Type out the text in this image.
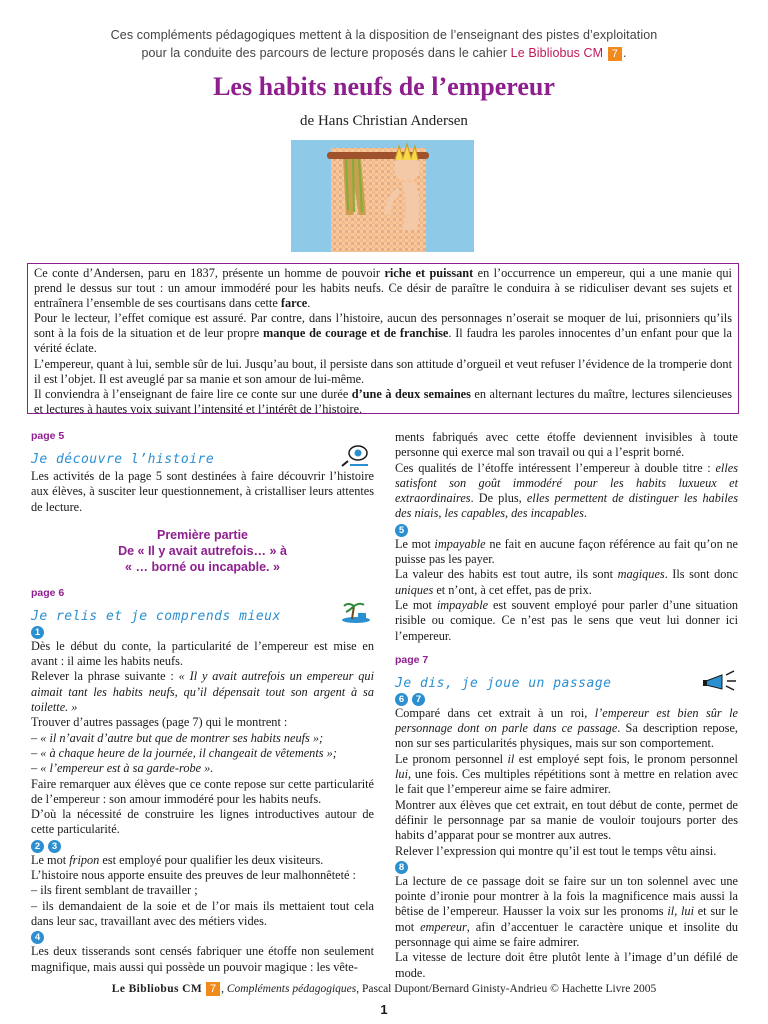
Ces compléments pédagogiques mettent à la disposition de l’enseignant des pistes d’exploitation
pour la conduite des parcours de lecture proposés dans le cahier Le Bibliobus CM 7 .
Les habits neufs de l’empereur
de Hans Christian Andersen

Ce conte d’Andersen, paru en 1837, présente un homme de pouvoir riche et puissant en l’occurrence un empereur, qui a une manie qui prend le dessus sur tout : un amour immodéré pour les habits neufs. Ce désir de paraître le conduira à se ridiculiser devant ses sujets et entraînera l’ensemble de ses courtisans dans cette farce.

Pour le lecteur, l’effet comique est assuré. Par contre, dans l’histoire, aucun des personnages n’oserait se moquer de lui, prisonniers qu’ils sont à la fois de la situation et de leur propre manque de courage et de franchise. Il faudra les paroles innocentes d’un enfant pour que la vérité éclate.

L’empereur, quant à lui, semble sûr de lui. Jusqu’au bout, il persiste dans son attitude d’orgueil et veut refuser l’évidence de la tromperie dont il est l’objet. Il est aveuglé par sa manie et son amour de lui-même.

Il conviendra à l’enseignant de faire lire ce conte sur une durée d’une à deux semaines en alternant lectures du maître, lectures silencieuses et lectures à hautes voix suivant l’intensité et l’intérêt de l’histoire.

page 5
Je découvre l’histoire

Les activités de la page 5 sont destinées à faire découvrir l’histoire aux élèves, à susciter leur questionnement, à cristalliser leurs attentes de lecture.

Première partie
De « Il y avait autrefois… » à
« … borné ou incapable. »
page 6
Je relis et je comprends mieux
1

Dès le début du conte, la particularité de l’empereur est mise en avant : il aime les habits neufs.

Relever la phrase suivante : « Il y avait autrefois un empereur qui aimait tant les habits neufs, qu’il dépensait tout son argent à sa toilette. »

Trouver d’autres passages (page 7) qui le montrent :

– « il n’avait d’autre but que de montrer ses habits neufs »;

– « à chaque heure de la journée, il changeait de vêtements »;

– « l’empereur est à sa garde-robe ».

Faire remarquer aux élèves que ce conte repose sur cette particularité de l’empereur : son amour immodéré pour les habits neufs.

D’où la nécessité de construire les lignes introductives autour de cette particularité.

2	3

Le mot fripon est employé pour qualifier les deux visiteurs.

L’histoire nous apporte ensuite des preuves de leur malhonnêteté :

– ils firent semblant de travailler ;

– ils demandaient de la soie et de l’or mais ils mettaient tout cela dans leur sac, travaillant avec des métiers vides.

4

Les deux tisserands sont censés fabriquer une étoffe non seulement magnifique, mais aussi qui possède un pouvoir magique : les vête-

ments fabriqués avec cette étoffe deviennent invisibles à toute personne qui exerce mal son travail ou qui a l’esprit borné.

Ces qualités de l’étoffe intéressent l’empereur à double titre : elles satisfont son goût immodéré pour les habits luxueux et extraordinaires. De plus, elles permettent de distinguer les habiles des niais, les capables, des incapables.

5

Le mot impayable ne fait en aucune façon référence au fait qu’on ne puisse pas les payer.

La valeur des habits est tout autre, ils sont magiques. Ils sont donc uniques et n’ont, à cet effet, pas de prix.

Le mot impayable est souvent employé pour parler d’une situation risible ou comique. Ce n’est pas le sens que veut lui donner ici l’empereur.

page 7
Je dis, je joue un passage
6	7

Comparé dans cet extrait à un roi, l’empereur est bien sûr le personnage dont on parle dans ce passage. Sa description repose, non sur ses particularités physiques, mais sur son comportement.

Le pronom personnel il est employé sept fois, le pronom personnel lui, une fois. Ces multiples répétitions sont à mettre en relation avec le fait que l’empereur aime se faire admirer.

Montrer aux élèves que cet extrait, en tout début de conte, permet de définir le personnage par sa manie de vouloir toujours porter des habits d’apparat pour se montrer aux autres.

Relever l’expression qui montre qu’il est tout le temps vêtu ainsi.

8

La lecture de ce passage doit se faire sur un ton solennel avec une pointe d’ironie pour montrer à la fois la magnificence mais aussi la bêtise de l’empereur. Hausser la voix sur les pronoms il, lui et sur le mot empereur, afin d’accentuer le caractère unique et insolite du personnage qui aime se faire admirer.

La vitesse de lecture doit être plutôt lente à l’image d’un défilé de mode.

Le Bibliobus CM 7 , Compléments pédagogiques, Pascal Dupont/Bernard Ginisty-Andrieu © Hachette Livre 2005
1
